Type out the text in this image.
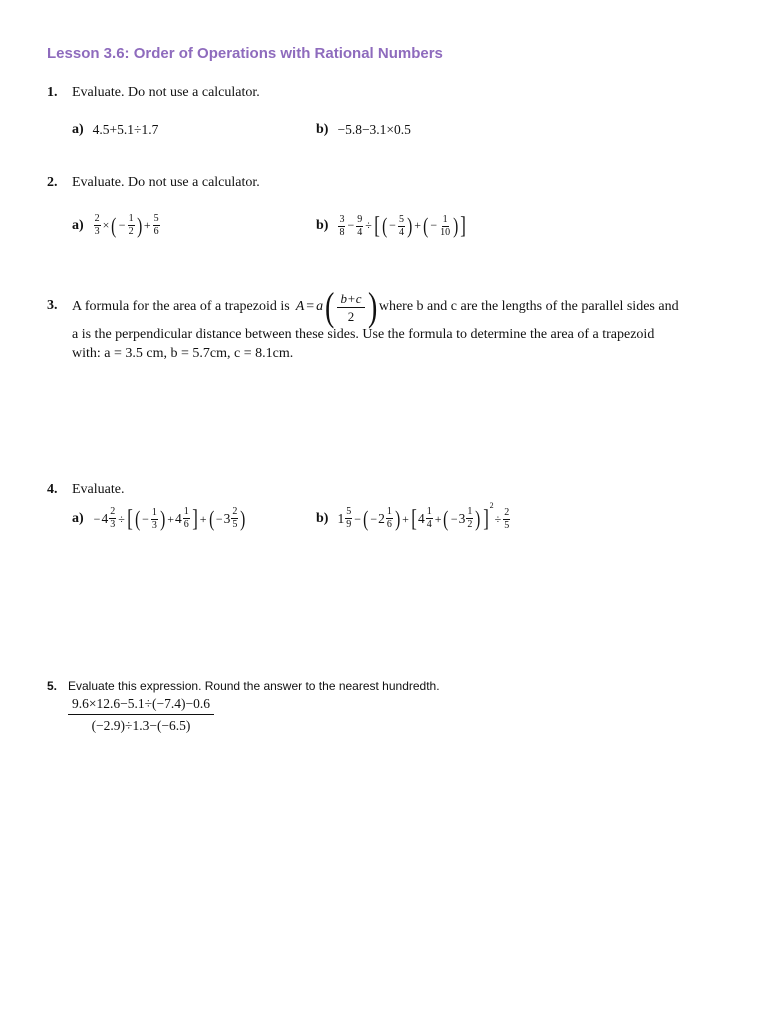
Lesson 3.6: Order of Operations with Rational Numbers
1. Evaluate. Do not use a calculator.
a) 4.5+5.1÷1.7	b) −5.8−3.1×0.5
2. Evaluate. Do not use a calculator.
$a) \frac{2}{3}$ ×( − $\frac{1}{2}$ ) + $\frac{5}{6}$	$b) \frac{3}{8} - \frac{9}{4}$ ÷[ ( − $\frac{5}{4}$ ) +( − $\frac{1}{10}$ )]
3. A formula for the area of a trapezoid is A = a ( $\frac{b+c}{2}$ ) where b and c are the lengths of the parallel sides and
a is the perpendicular distance between these sides. Use the formula to determine the area of a trapezoid
with: a = 3.5 cm, b = 5.7cm, c = 8.1cm.
4. Evaluate.
$a) - 4 \frac{2}{3}$ ÷[ ( − $\frac{1}{3}$ ) + $4 \frac{1}{6}$ ] +( − $3 \frac{2}{5}$ )	b) $1 \frac{5}{9}$ −( − $2 \frac{1}{6}$ ) +[ $4 \frac{1}{4}$ +( − $3 \frac{1}{2} )]^2\div \frac{2}{5}$
5. Evaluate this expression. Round the answer to the nearest hundredth.
$\frac{9.6\times 12.6-5.1\div(-7.4)-0.6}{(-2.9)\div 1.3-(-6.5)}$
